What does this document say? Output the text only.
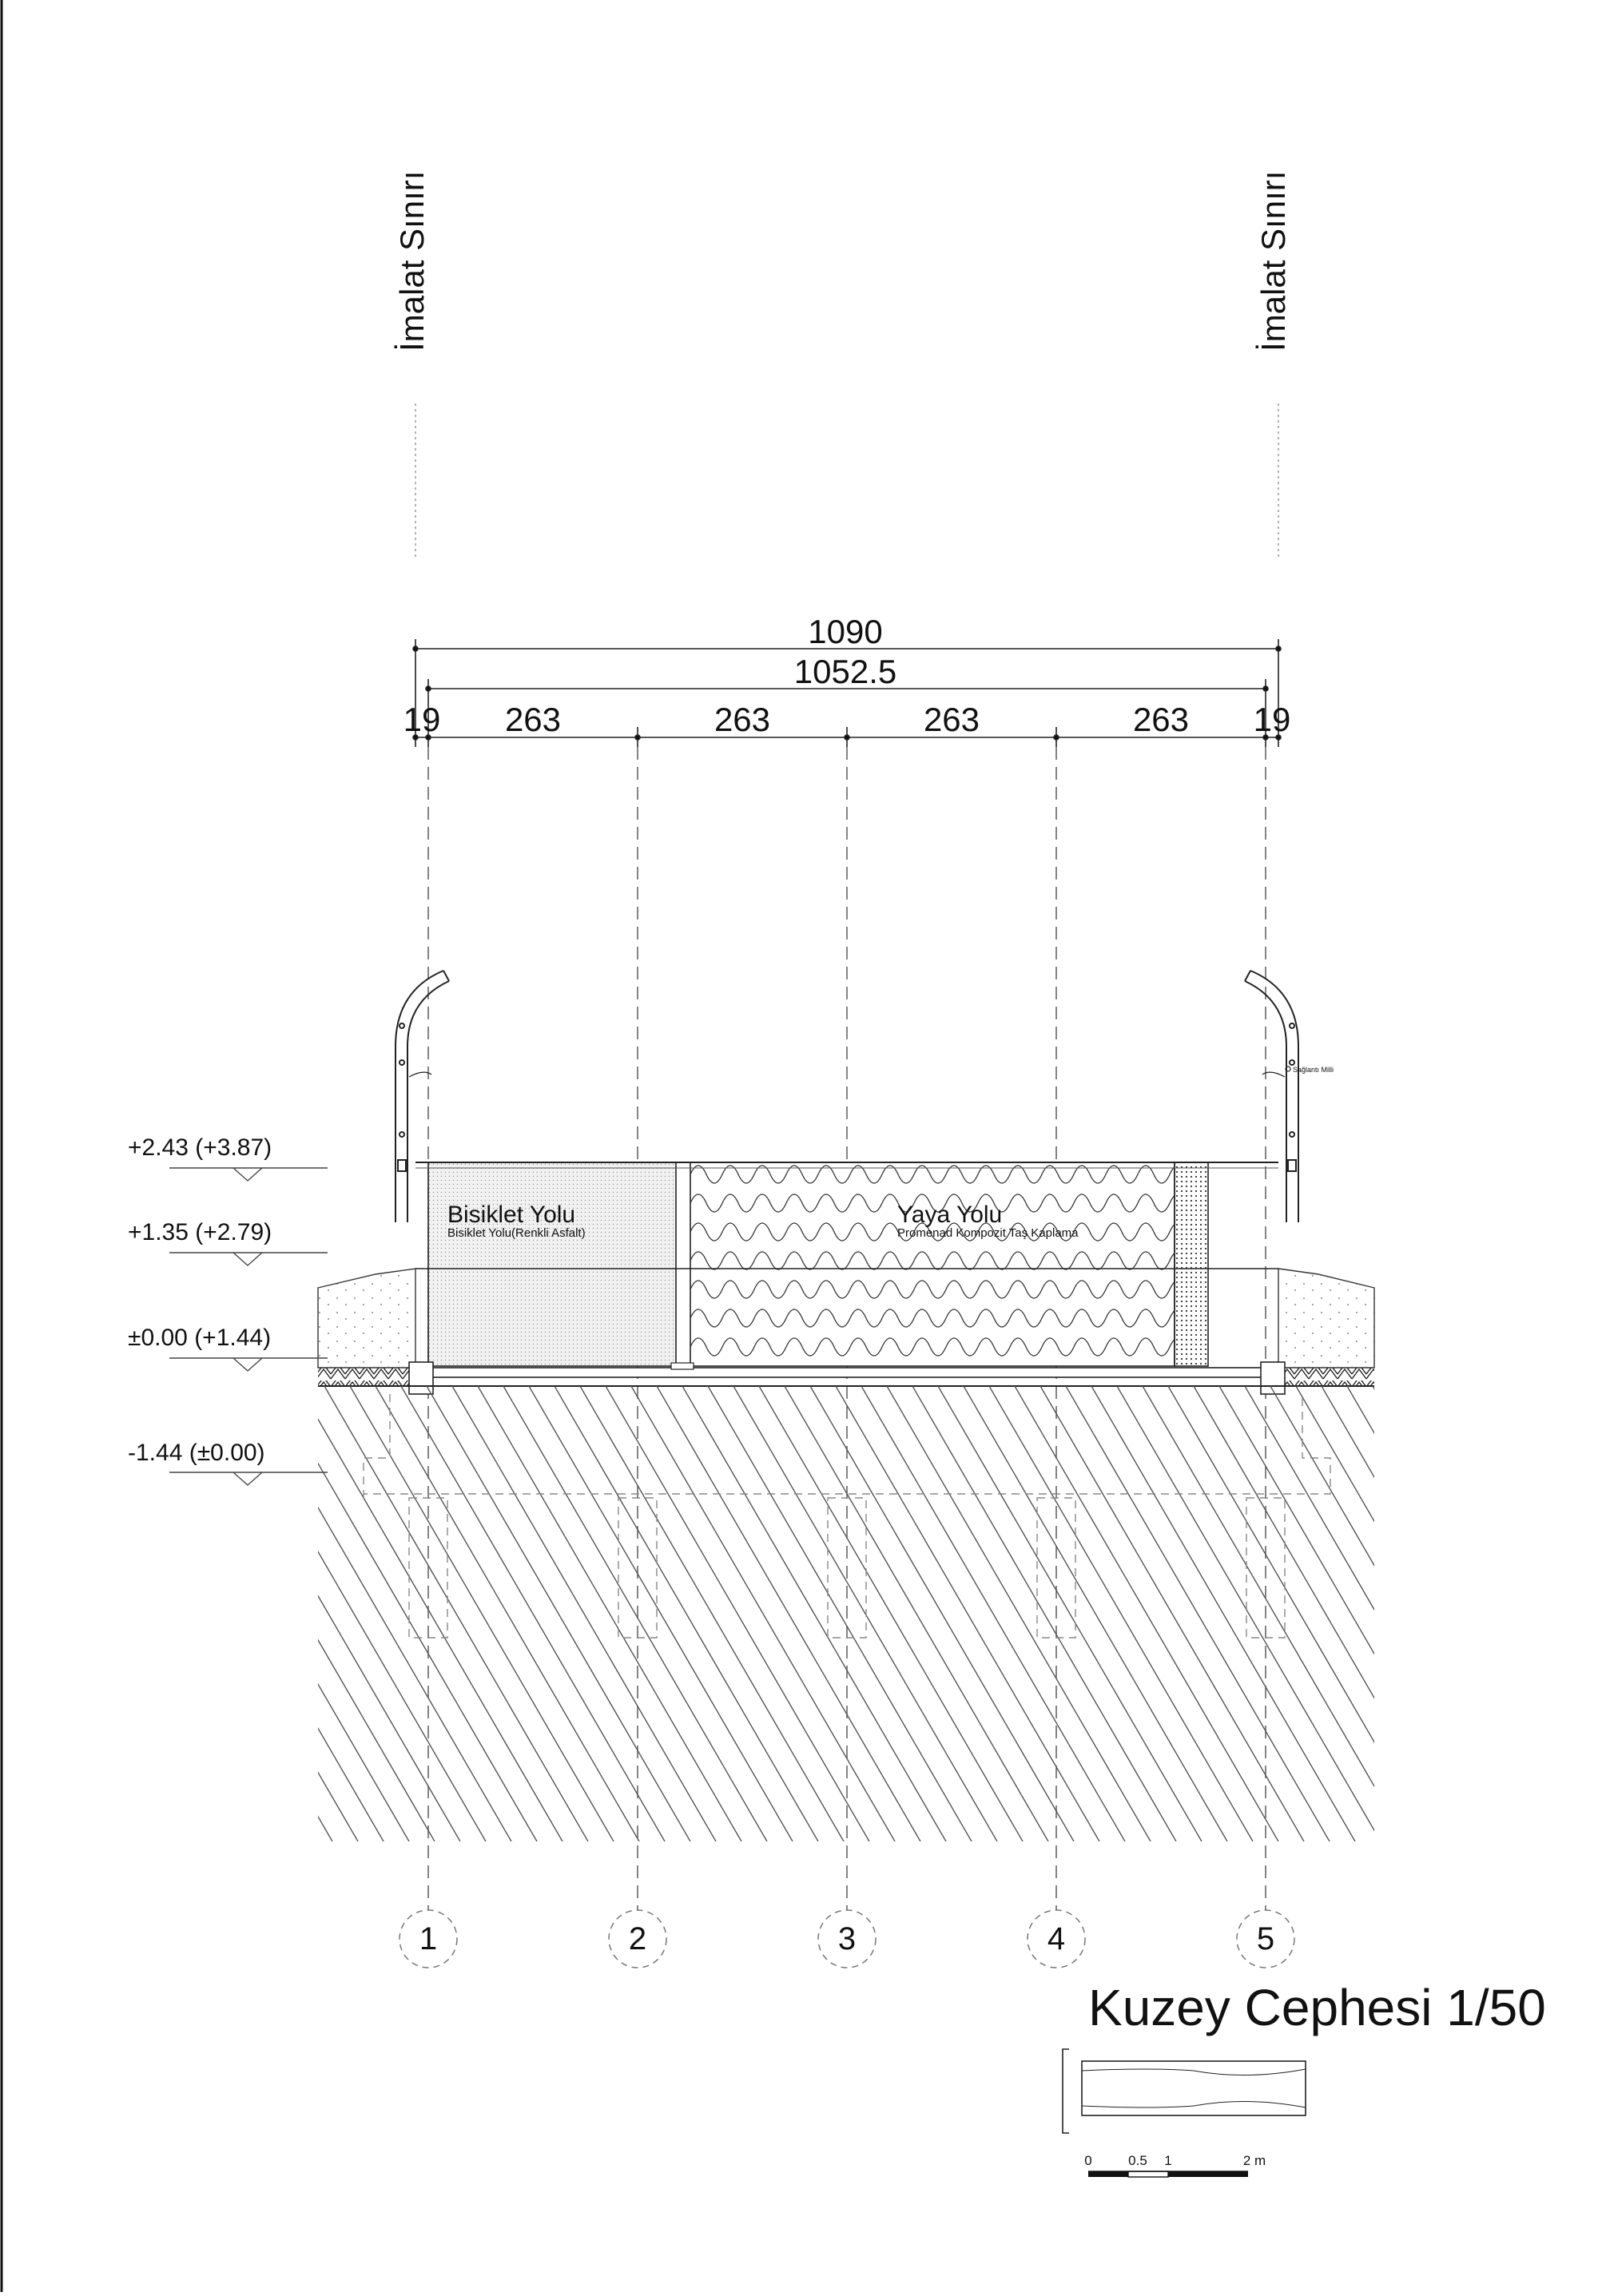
İmalat Sınırı	İmalat Sınırı
1090
1052.5
19 263	263	263	263 19
Sağlantı Milli
Bisiklet Yolu
Bisiklet Yolu(Renkli Asfalt)
Yaya Yolu
Promenad Kompozit Taş Kaplama
+2.43 (+3.87)
+1.35 (+2.79)
±0.00 (+1.44)
-1.44 (±0.00)
1	2	3	4	5
Kuzey Cephesi 1/50
0	0.5 1	2 m
